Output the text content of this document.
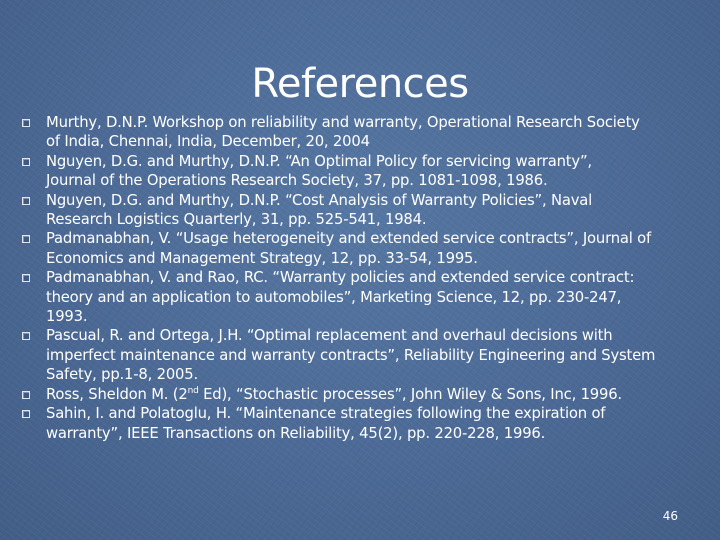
References
Murthy, D.N.P. Workshop on reliability and warranty, Operational Research Society
of India, Chennai, India, December, 20, 2004
Nguyen, D.G. and Murthy, D.N.P. “An Optimal Policy for servicing warranty”,
Journal of the Operations Research Society, 37, pp. 1081-1098, 1986.
Nguyen, D.G. and Murthy, D.N.P. “Cost Analysis of Warranty Policies”, Naval
Research Logistics Quarterly, 31, pp. 525-541, 1984.
Padmanabhan, V. “Usage heterogeneity and extended service contracts”, Journal of
Economics and Management Strategy, 12, pp. 33-54, 1995.
Padmanabhan, V. and Rao, RC. “Warranty policies and extended service contract:
theory and an application to automobiles”, Marketing Science, 12, pp. 230-247,
1993.
Pascual, R. and Ortega, J.H. “Optimal replacement and overhaul decisions with
imperfect maintenance and warranty contracts”, Reliability Engineering and System
Safety, pp.1-8, 2005.
Ross, Sheldon M. (2nd Ed), “Stochastic processes”, John Wiley & Sons, Inc, 1996.
Sahin, I. and Polatoglu, H. “Maintenance strategies following the expiration of
warranty”, IEEE Transactions on Reliability, 45(2), pp. 220-228, 1996.
46
